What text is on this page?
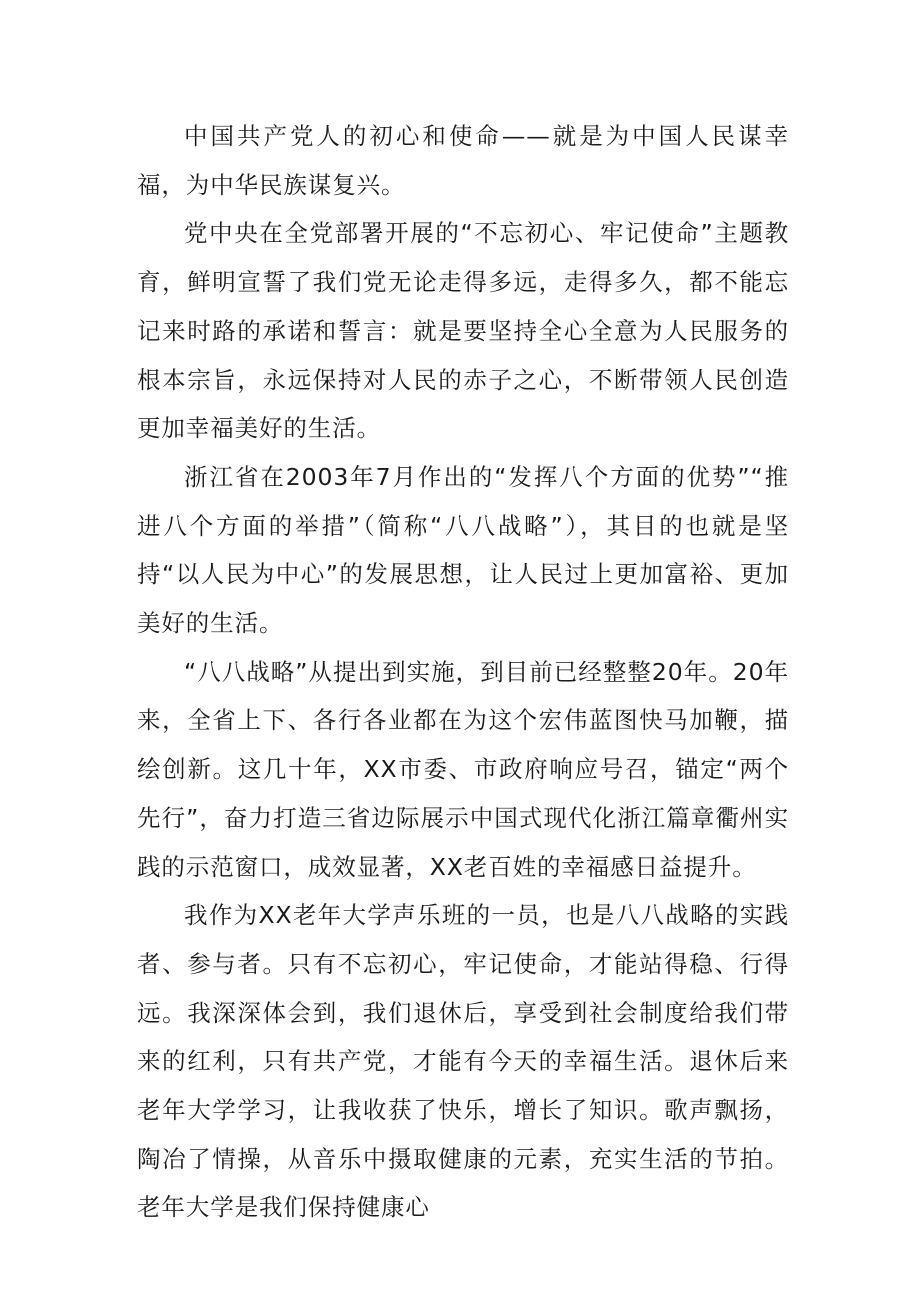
中国共产党人的初心和使命——就是为中国人民谋幸福，为中华民族谋复兴。

党中央在全党部署开展的“不忘初心、牢记使命”主题教育，鲜明宣誓了我们党无论走得多远，走得多久，都不能忘记来时路的承诺和誓言：就是要坚持全心全意为人民服务的根本宗旨，永远保持对人民的赤子之心，不断带领人民创造更加幸福美好的生活。

浙江省在2003年7月作出的“发挥八个方面的优势”“推进八个方面的举措”（简称“八八战略”），其目的也就是坚持“以人民为中心”的发展思想，让人民过上更加富裕、更加美好的生活。

“八八战略”从提出到实施，到目前已经整整20年。20年来，全省上下、各行各业都在为这个宏伟蓝图快马加鞭，描绘创新。这几十年，XX市委、市政府响应号召，锚定“两个先行”，奋力打造三省边际展示中国式现代化浙江篇章衢州实践的示范窗口，成效显著，XX老百姓的幸福感日益提升。

我作为XX老年大学声乐班的一员，也是八八战略的实践者、参与者。只有不忘初心，牢记使命，才能站得稳、行得远。我深深体会到，我们退休后，享受到社会制度给我们带来的红利，只有共产党，才能有今天的幸福生活。退休后来老年大学学习，让我收获了快乐，增长了知识。歌声飘扬，陶冶了情操，从音乐中摄取健康的元素，充实生活的节拍。老年大学是我们保持健康心
